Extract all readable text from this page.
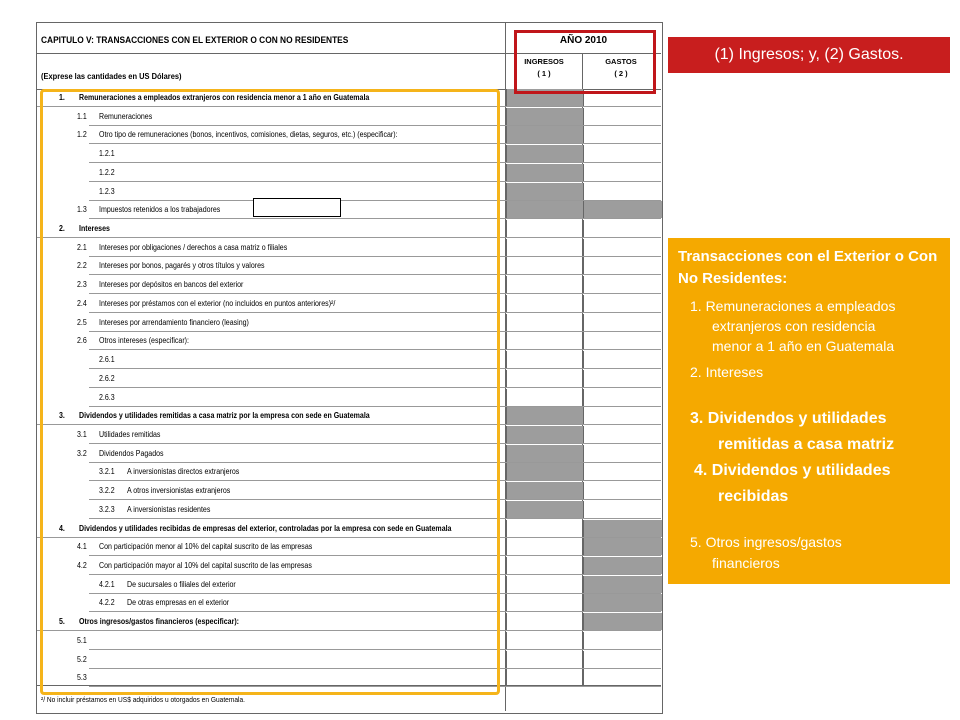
CAPITULO V: TRANSACCIONES CON EL EXTERIOR O CON NO RESIDENTES
(Exprese las cantidades en US Dólares)
AÑO 2010
INGRESOS
( 1 )
GASTOS
( 2 )
1. Remuneraciones a empleados extranjeros con residencia menor a 1 año en Guatemala
1.1 Remuneraciones
1.2 Otro tipo de remuneraciones (bonos, incentivos, comisiones, dietas, seguros, etc.) (especificar):
1.2.1
1.2.2
1.2.3
1.3 Impuestos retenidos a los trabajadores
2. Intereses
2.1 Intereses por obligaciones / derechos a casa matriz o filiales
2.2 Intereses por bonos, pagarés y otros títulos y valores
2.3 Intereses por depósitos en bancos del exterior
2.4 Intereses por préstamos con el exterior (no incluidos en puntos anteriores)²/
2.5 Intereses por arrendamiento financiero (leasing)
2.6 Otros intereses (especificar):
2.6.1
2.6.2
2.6.3
3. Dividendos y utilidades remitidas a casa matriz por la empresa con sede en Guatemala
3.1 Utilidades remitidas
3.2 Dividendos Pagados
3.2.1 A inversionistas directos extranjeros
3.2.2 A otros inversionistas extranjeros
3.2.3 A inversionistas residentes
4. Dividendos y utilidades recibidas de empresas del exterior, controladas por la empresa con sede en Guatemala
4.1 Con participación menor al 10% del capital suscrito de las empresas
4.2 Con participación mayor al 10% del capital suscrito de las empresas
4.2.1 De sucursales o filiales del exterior
4.2.2 De otras empresas en el exterior
5. Otros ingresos/gastos financieros (especificar):
5.1
5.2
5.3
²/ No incluir préstamos en US$ adquiridos u otorgados en Guatemala.
(1) Ingresos; y, (2) Gastos.
Transacciones con el Exterior o Con No Residentes:
1. Remuneraciones a empleados
extranjeros con residencia
menor a 1 año en Guatemala
2. Intereses
3. Dividendos y utilidades
remitidas a casa matriz
4. Dividendos y utilidades
recibidas
5. Otros ingresos/gastos
financieros
